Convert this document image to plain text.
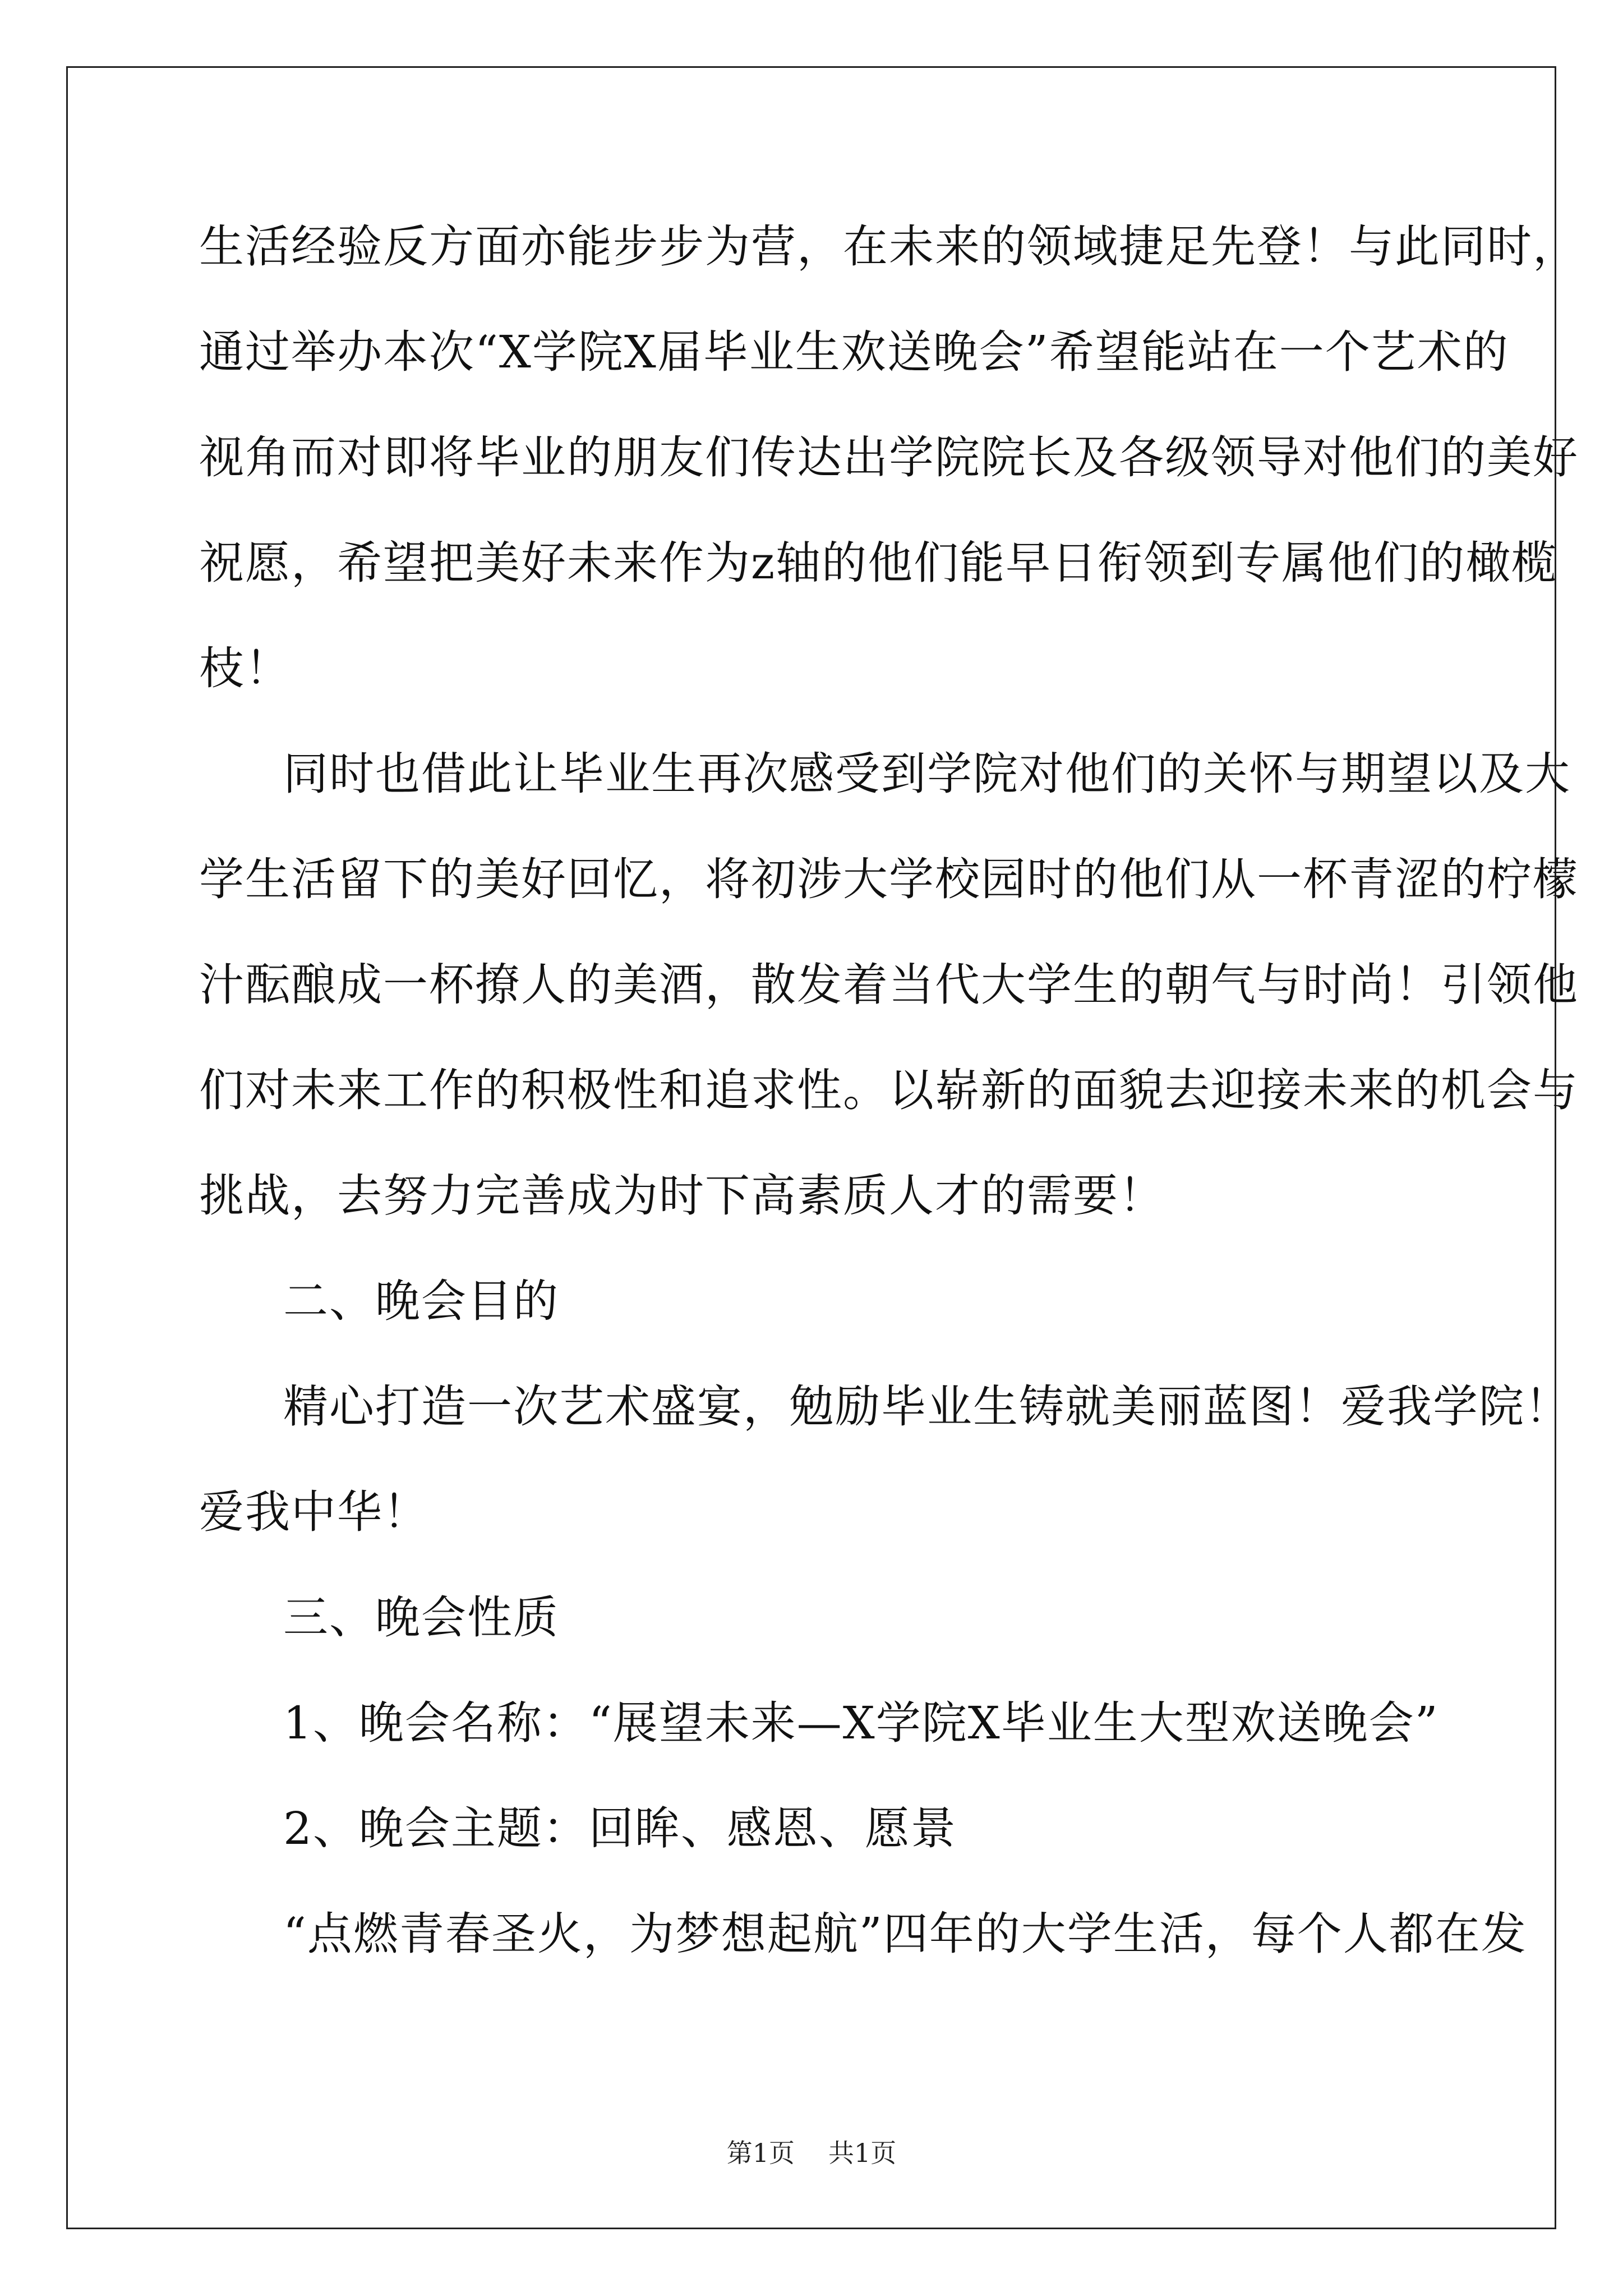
生活经验反方面亦能步步为营，在未来的领域捷足先登！与此同时，
通过举办本次“X学院X届毕业生欢送晚会”希望能站在一个艺术的
视角而对即将毕业的朋友们传达出学院院长及各级领导对他们的美好
祝愿，希望把美好未来作为z轴的他们能早日衔领到专属他们的橄榄
枝！
同时也借此让毕业生再次感受到学院对他们的关怀与期望以及大
学生活留下的美好回忆，将初涉大学校园时的他们从一杯青涩的柠檬
汁酝酿成一杯撩人的美酒，散发着当代大学生的朝气与时尚！引领他
们对未来工作的积极性和追求性。以崭新的面貌去迎接未来的机会与
挑战，去努力完善成为时下高素质人才的需要！
二、晚会目的
精心打造一次艺术盛宴，勉励毕业生铸就美丽蓝图！爱我学院！
爱我中华！
三、晚会性质
1、晚会名称：“展望未来—X学院X毕业生大型欢送晚会”
2、晚会主题：回眸、感恩、愿景
“点燃青春圣火，为梦想起航”四年的大学生活，每个人都在发
第1页 共1页
